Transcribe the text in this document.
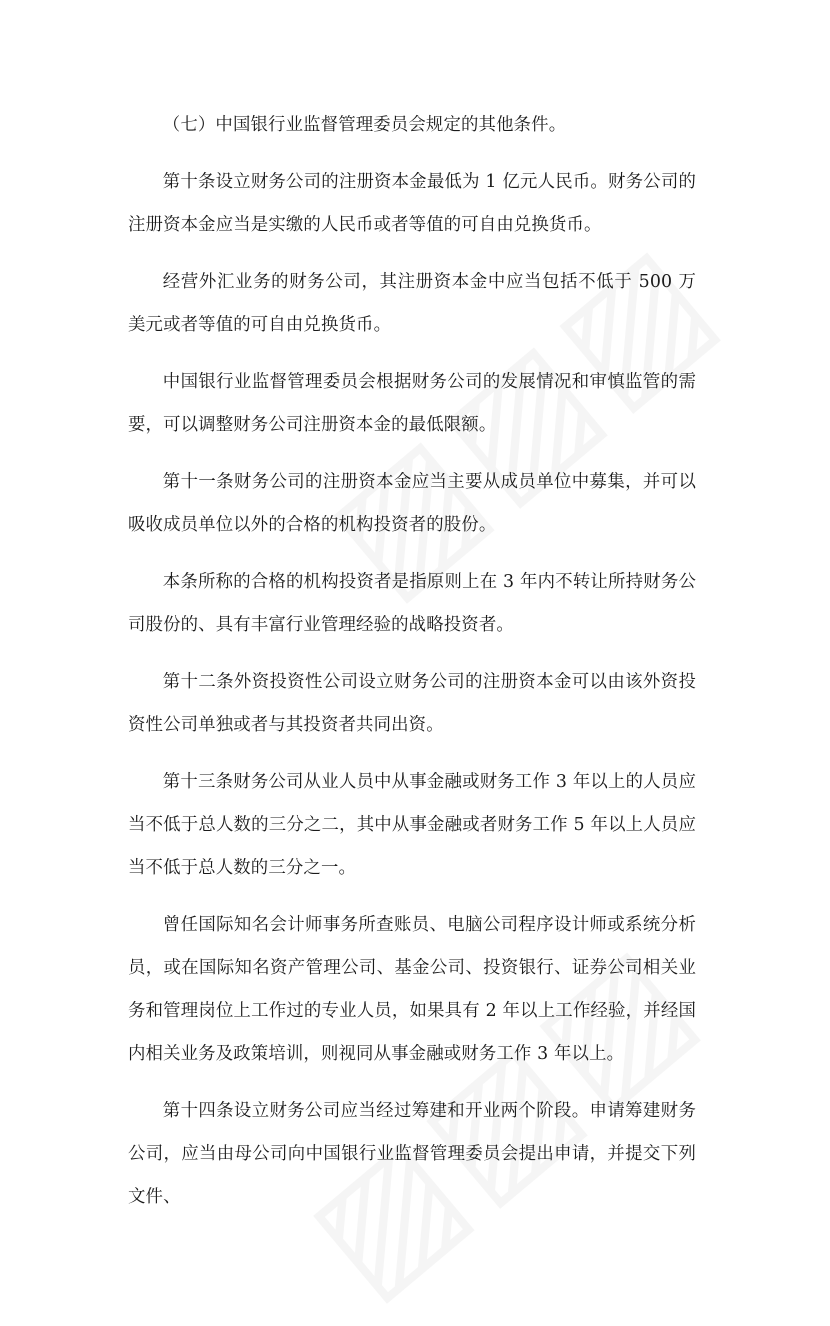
（七）中国银行业监督管理委员会规定的其他条件。

第十条设立财务公司的注册资本金最低为 1 亿元人民币。财务公司的注册资本金应当是实缴的人民币或者等值的可自由兑换货币。

经营外汇业务的财务公司，其注册资本金中应当包括不低于 500 万美元或者等值的可自由兑换货币。

中国银行业监督管理委员会根据财务公司的发展情况和审慎监管的需要，可以调整财务公司注册资本金的最低限额。

第十一条财务公司的注册资本金应当主要从成员单位中募集，并可以吸收成员单位以外的合格的机构投资者的股份。

本条所称的合格的机构投资者是指原则上在 3 年内不转让所持财务公司股份的、具有丰富行业管理经验的战略投资者。

第十二条外资投资性公司设立财务公司的注册资本金可以由该外资投资性公司单独或者与其投资者共同出资。

第十三条财务公司从业人员中从事金融或财务工作 3 年以上的人员应当不低于总人数的三分之二，其中从事金融或者财务工作 5 年以上人员应当不低于总人数的三分之一。

曾任国际知名会计师事务所查账员、电脑公司程序设计师或系统分析员，或在国际知名资产管理公司、基金公司、投资银行、证券公司相关业务和管理岗位上工作过的专业人员，如果具有 2 年以上工作经验，并经国内相关业务及政策培训，则视同从事金融或财务工作 3 年以上。

第十四条设立财务公司应当经过筹建和开业两个阶段。申请筹建财务公司，应当由母公司向中国银行业监督管理委员会提出申请，并提交下列文件、
